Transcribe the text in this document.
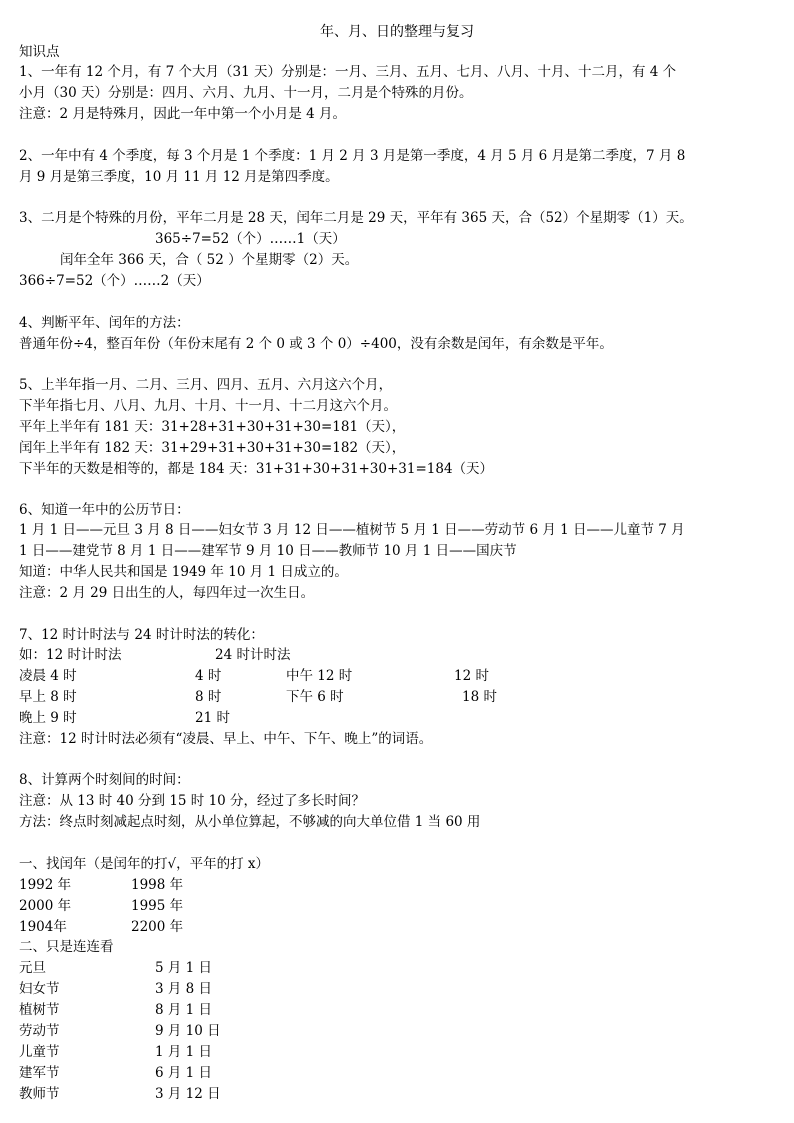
年、月、日的整理与复习
知识点
1、一年有 12 个月，有 7 个大月（31 天）分别是：一月、三月、五月、七月、八月、十月、十二月，有 4 个
小月（30 天）分别是：四月、六月、九月、十一月，二月是个特殊的月份。
注意：2 月是特殊月，因此一年中第一个小月是 4 月。
2、一年中有 4 个季度，每 3 个月是 1 个季度：1 月 2 月 3 月是第一季度，4 月 5 月 6 月是第二季度，7 月 8
月 9 月是第三季度，10 月 11 月 12 月是第四季度。
3、二月是个特殊的月份，平年二月是 28 天，闰年二月是 29 天，平年有 365 天，合（52）个星期零（1）天。
365÷7=52（个）……1（天）
闰年全年 366 天，合（ 52 ）个星期零（2）天。
366÷7=52（个）……2（天）
4、判断平年、闰年的方法：
普通年份÷4，整百年份（年份末尾有 2 个 0 或 3 个 0）÷400，没有余数是闰年，有余数是平年。
5、上半年指一月、二月、三月、四月、五月、六月这六个月，
下半年指七月、八月、九月、十月、十一月、十二月这六个月。
平年上半年有 181 天：31+28+31+30+31+30=181（天），
闰年上半年有 182 天：31+29+31+30+31+30=182（天），
下半年的天数是相等的，都是 184 天：31+31+30+31+30+31=184（天）
6、知道一年中的公历节日：
1 月 1 日——元旦 3 月 8 日——妇女节 3 月 12 日——植树节 5 月 1 日——劳动节 6 月 1 日——儿童节 7 月
1 日——建党节 8 月 1 日——建军节 9 月 10 日——教师节 10 月 1 日——国庆节
知道：中华人民共和国是 1949 年 10 月 1 日成立的。
注意：2 月 29 日出生的人，每四年过一次生日。
7、12 时计时法与 24 时计时法的转化：
如：12 时计时法	24 时计时法
凌晨 4 时	4 时	中午 12 时	12 时
早上 8 时	8 时	下午 6 时	18 时
晚上 9 时	21 时
注意：12 时计时法必须有“凌晨、早上、中午、下午、晚上”的词语。
8、计算两个时刻间的时间：
注意：从 13 时 40 分到 15 时 10 分，经过了多长时间？
方法：终点时刻减起点时刻，从小单位算起，不够减的向大单位借 1 当 60 用
一、找闰年（是闰年的打√，平年的打 x）
1992 年	1998 年
2000 年	1995 年
1904年	2200 年
二、只是连连看
元旦	5 月 1 日
妇女节	3 月 8 日
植树节	8 月 1 日
劳动节	9 月 10 日
儿童节	1 月 1 日
建军节	6 月 1 日
教师节	3 月 12 日
